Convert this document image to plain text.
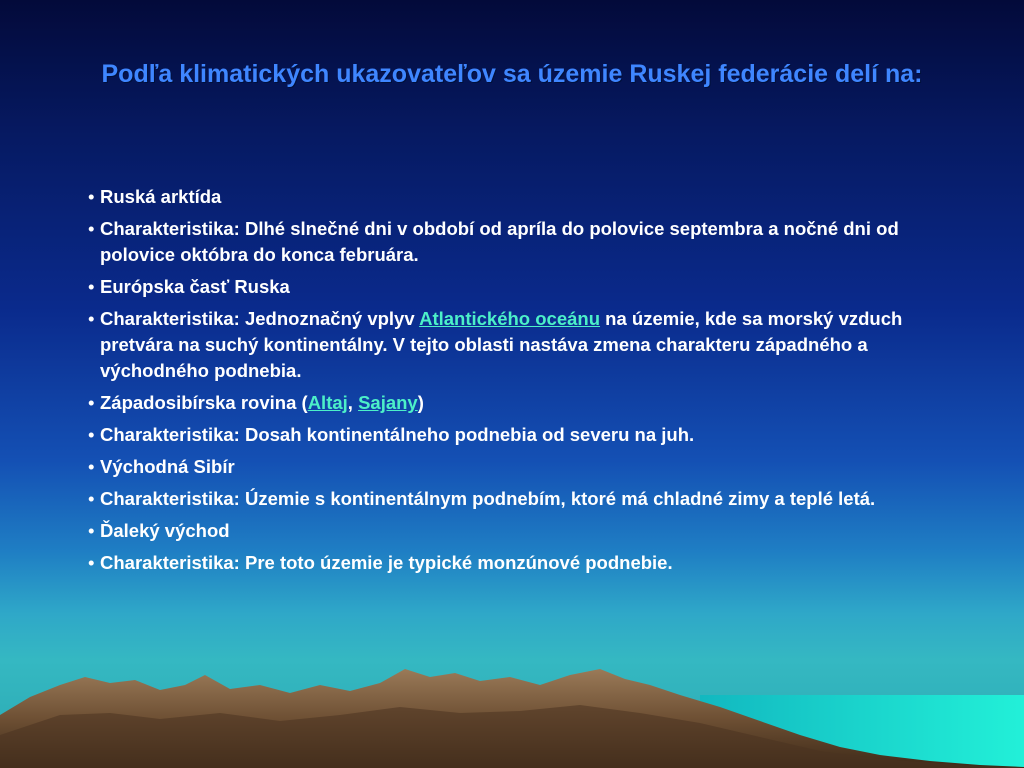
Podľa klimatických ukazovateľov sa územie Ruskej federácie delí na:
• Ruská arktída
• Charakteristika: Dlhé slnečné dni v období od apríla do polovice septembra a nočné dni od polovice októbra do konca februára.
• Európska časť Ruska
• Charakteristika: Jednoznačný vplyv Atlantického oceánu na územie, kde sa morský vzduch pretvára na suchý kontinentálny. V tejto oblasti nastáva zmena charakteru západného a východného podnebia.
• Západosibírska rovina (Altaj, Sajany)
• Charakteristika: Dosah kontinentálneho podnebia od severu na juh.
• Východná Sibír
• Charakteristika: Územie s kontinentálnym podnebím, ktoré má chladné zimy a teplé letá.
• Ďaleký východ
• Charakteristika: Pre toto územie je typické monzúnové podnebie.
